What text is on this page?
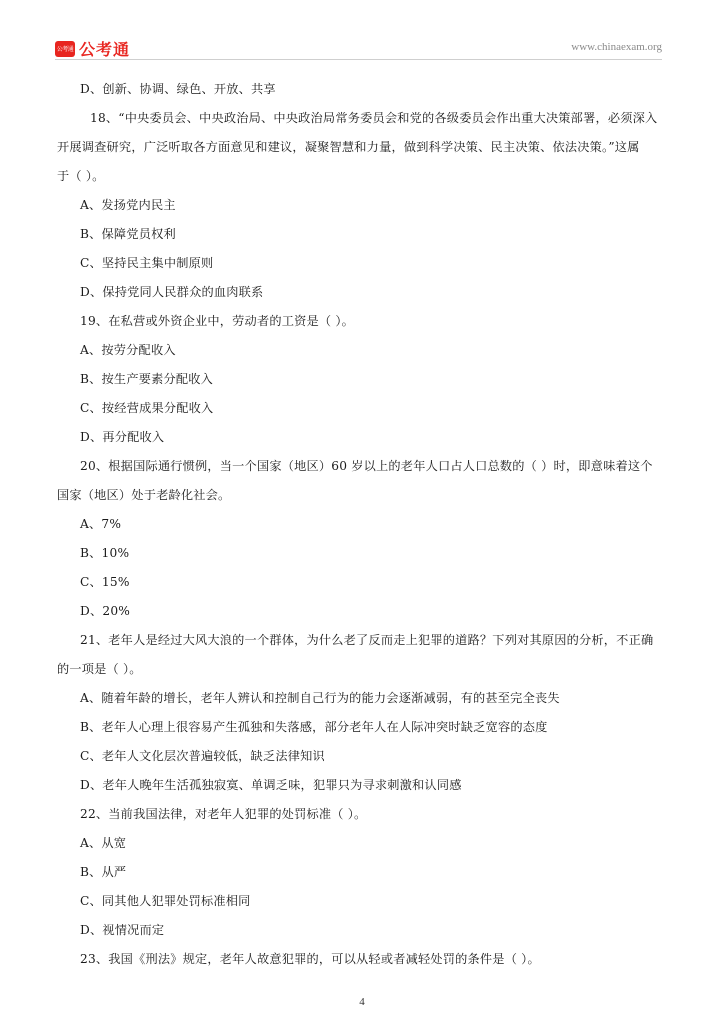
公考通 公考通	www.chinaexam.org
D、创新、协调、绿色、开放、共享
18、“中央委员会、中央政治局、中央政治局常务委员会和党的各级委员会作出重大决策部署，必须深入
开展调查研究，广泛听取各方面意见和建议，凝聚智慧和力量，做到科学决策、民主决策、依法决策。”这属
于（ ）。
A、发扬党内民主
B、保障党员权利
C、坚持民主集中制原则
D、保持党同人民群众的血肉联系
19、在私营或外资企业中，劳动者的工资是（ ）。
A、按劳分配收入
B、按生产要素分配收入
C、按经营成果分配收入
D、再分配收入
20、根据国际通行惯例，当一个国家（地区）60 岁以上的老年人口占人口总数的（ ）时，即意味着这个
国家（地区）处于老龄化社会。
A、7%
B、10%
C、15%
D、20%
21、老年人是经过大风大浪的一个群体，为什么老了反而走上犯罪的道路？下列对其原因的分析，不正确
的一项是（ ）。
A、随着年龄的增长，老年人辨认和控制自己行为的能力会逐渐减弱，有的甚至完全丧失
B、老年人心理上很容易产生孤独和失落感，部分老年人在人际冲突时缺乏宽容的态度
C、老年人文化层次普遍较低，缺乏法律知识
D、老年人晚年生活孤独寂寞、单调乏味，犯罪只为寻求刺激和认同感
22、当前我国法律，对老年人犯罪的处罚标准（ ）。
A、从宽
B、从严
C、同其他人犯罪处罚标准相同
D、视情况而定
23、我国《刑法》规定，老年人故意犯罪的，可以从轻或者减轻处罚的条件是（ ）。
4
